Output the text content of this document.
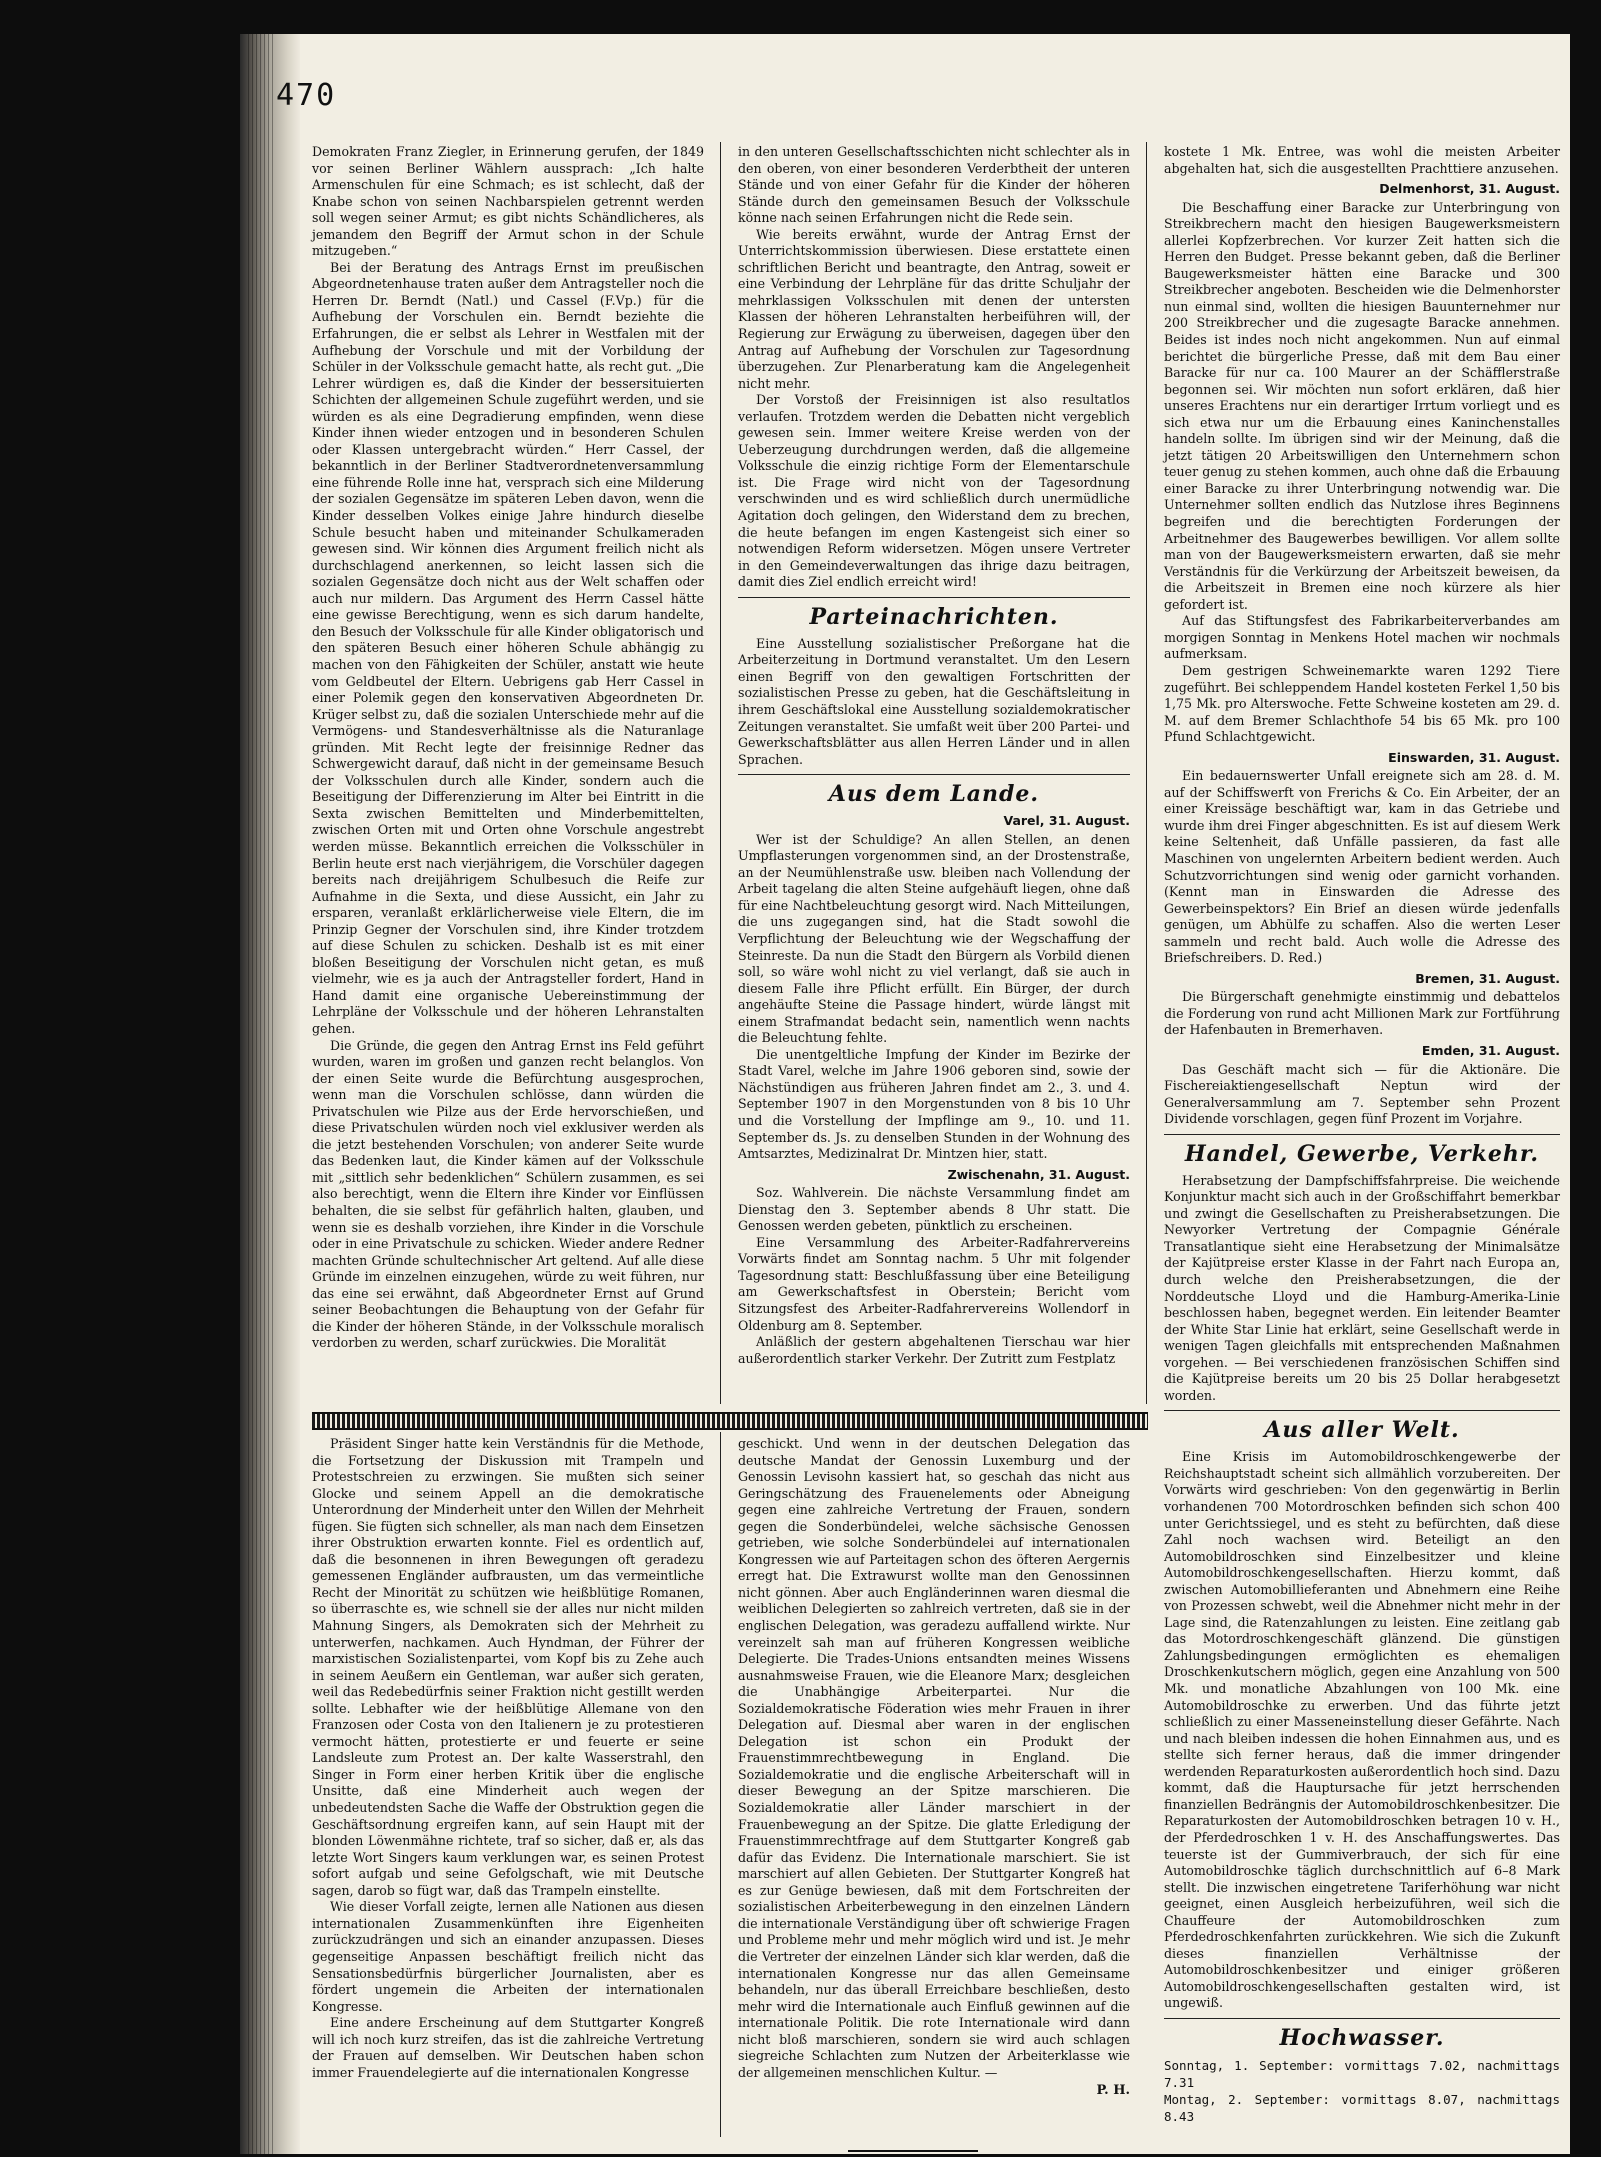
470

Demokraten Franz Ziegler, in Erinnerung gerufen, der 1849 vor seinen Berliner Wählern aussprach: „Ich halte Armenschulen für eine Schmach; es ist schlecht, daß der Knabe schon von seinen Nachbarspielen getrennt werden soll wegen seiner Armut; es gibt nichts Schändlicheres, als jemandem den Begriff der Armut schon in der Schule mitzugeben.“

Bei der Beratung des Antrags Ernst im preußischen Abgeordnetenhause traten außer dem Antragsteller noch die Herren Dr. Berndt (Natl.) und Cassel (F.Vp.) für die Aufhebung der Vorschulen ein. Berndt beziehte die Erfahrungen, die er selbst als Lehrer in Westfalen mit der Aufhebung der Vorschule und mit der Vorbildung der Schüler in der Volksschule gemacht hatte, als recht gut. „Die Lehrer würdigen es, daß die Kinder der bessersituierten Schichten der allgemeinen Schule zugeführt werden, und sie würden es als eine Degradierung empfinden, wenn diese Kinder ihnen wieder entzogen und in besonderen Schulen oder Klassen untergebracht würden.“ Herr Cassel, der bekanntlich in der Berliner Stadtverordnetenversammlung eine führende Rolle inne hat, versprach sich eine Milderung der sozialen Gegensätze im späteren Leben davon, wenn die Kinder desselben Volkes einige Jahre hindurch dieselbe Schule besucht haben und miteinander Schulkameraden gewesen sind. Wir können dies Argument freilich nicht als durchschlagend anerkennen, so leicht lassen sich die sozialen Gegensätze doch nicht aus der Welt schaffen oder auch nur mildern. Das Argument des Herrn Cassel hätte eine gewisse Berechtigung, wenn es sich darum handelte, den Besuch der Volksschule für alle Kinder obligatorisch und den späteren Besuch einer höheren Schule abhängig zu machen von den Fähigkeiten der Schüler, anstatt wie heute vom Geldbeutel der Eltern. Uebrigens gab Herr Cassel in einer Polemik gegen den konservativen Abgeordneten Dr. Krüger selbst zu, daß die sozialen Unterschiede mehr auf die Vermögens- und Standesverhältnisse als die Naturanlage gründen. Mit Recht legte der freisinnige Redner das Schwergewicht darauf, daß nicht in der gemeinsame Besuch der Volksschulen durch alle Kinder, sondern auch die Beseitigung der Differenzierung im Alter bei Eintritt in die Sexta zwischen Bemittelten und Minderbemittelten, zwischen Orten mit und Orten ohne Vorschule angestrebt werden müsse. Bekanntlich erreichen die Volksschüler in Berlin heute erst nach vierjährigem, die Vorschüler dagegen bereits nach dreijährigem Schulbesuch die Reife zur Aufnahme in die Sexta, und diese Aussicht, ein Jahr zu ersparen, veranlaßt erklärlicherweise viele Eltern, die im Prinzip Gegner der Vorschulen sind, ihre Kinder trotzdem auf diese Schulen zu schicken. Deshalb ist es mit einer bloßen Beseitigung der Vorschulen nicht getan, es muß vielmehr, wie es ja auch der Antragsteller fordert, Hand in Hand damit eine organische Uebereinstimmung der Lehrpläne der Volksschule und der höheren Lehranstalten gehen.

Die Gründe, die gegen den Antrag Ernst ins Feld geführt wurden, waren im großen und ganzen recht belanglos. Von der einen Seite wurde die Befürchtung ausgesprochen, wenn man die Vorschulen schlösse, dann würden die Privatschulen wie Pilze aus der Erde hervorschießen, und diese Privatschulen würden noch viel exklusiver werden als die jetzt bestehenden Vorschulen; von anderer Seite wurde das Bedenken laut, die Kinder kämen auf der Volksschule mit „sittlich sehr bedenklichen“ Schülern zusammen, es sei also berechtigt, wenn die Eltern ihre Kinder vor Einflüssen behalten, die sie selbst für gefährlich halten, glauben, und wenn sie es deshalb vorziehen, ihre Kinder in die Vorschule oder in eine Privatschule zu schicken. Wieder andere Redner machten Gründe schultechnischer Art geltend. Auf alle diese Gründe im einzelnen einzugehen, würde zu weit führen, nur das eine sei erwähnt, daß Abgeordneter Ernst auf Grund seiner Beobachtungen die Behauptung von der Gefahr für die Kinder der höheren Stände, in der Volksschule moralisch verdorben zu werden, scharf zurückwies. Die Moralität

in den unteren Gesellschaftsschichten nicht schlechter als in den oberen, von einer besonderen Verderbtheit der unteren Stände und von einer Gefahr für die Kinder der höheren Stände durch den gemeinsamen Besuch der Volksschule könne nach seinen Erfahrungen nicht die Rede sein.

Wie bereits erwähnt, wurde der Antrag Ernst der Unterrichtskommission überwiesen. Diese erstattete einen schriftlichen Bericht und beantragte, den Antrag, soweit er eine Verbindung der Lehrpläne für das dritte Schuljahr der mehrklassigen Volksschulen mit denen der untersten Klassen der höheren Lehranstalten herbeiführen will, der Regierung zur Erwägung zu überweisen, dagegen über den Antrag auf Aufhebung der Vorschulen zur Tagesordnung überzugehen. Zur Plenarberatung kam die Angelegenheit nicht mehr.

Der Vorstoß der Freisinnigen ist also resultatlos verlaufen. Trotzdem werden die Debatten nicht vergeblich gewesen sein. Immer weitere Kreise werden von der Ueberzeugung durchdrungen werden, daß die allgemeine Volksschule die einzig richtige Form der Elementarschule ist. Die Frage wird nicht von der Tagesordnung verschwinden und es wird schließlich durch unermüdliche Agitation doch gelingen, den Widerstand dem zu brechen, die heute befangen im engen Kastengeist sich einer so notwendigen Reform widersetzen. Mögen unsere Vertreter in den Gemeindeverwaltungen das ihrige dazu beitragen, damit dies Ziel endlich erreicht wird!

Parteinachrichten.

Eine Ausstellung sozialistischer Preßorgane hat die Arbeiterzeitung in Dortmund veranstaltet. Um den Lesern einen Begriff von den gewaltigen Fortschritten der sozialistischen Presse zu geben, hat die Geschäftsleitung in ihrem Geschäftslokal eine Ausstellung sozialdemokratischer Zeitungen veranstaltet. Sie umfaßt weit über 200 Partei- und Gewerkschaftsblätter aus allen Herren Länder und in allen Sprachen.

Aus dem Lande.
Varel, 31. August.

Wer ist der Schuldige? An allen Stellen, an denen Umpflasterungen vorgenommen sind, an der Drostenstraße, an der Neumühlenstraße usw. bleiben nach Vollendung der Arbeit tagelang die alten Steine aufgehäuft liegen, ohne daß für eine Nachtbeleuchtung gesorgt wird. Nach Mitteilungen, die uns zugegangen sind, hat die Stadt sowohl die Verpflichtung der Beleuchtung wie der Wegschaffung der Steinreste. Da nun die Stadt den Bürgern als Vorbild dienen soll, so wäre wohl nicht zu viel verlangt, daß sie auch in diesem Falle ihre Pflicht erfüllt. Ein Bürger, der durch angehäufte Steine die Passage hindert, würde längst mit einem Strafmandat bedacht sein, namentlich wenn nachts die Beleuchtung fehlte.

Die unentgeltliche Impfung der Kinder im Bezirke der Stadt Varel, welche im Jahre 1906 geboren sind, sowie der Nächstündigen aus früheren Jahren findet am 2., 3. und 4. September 1907 in den Morgenstunden von 8 bis 10 Uhr und die Vorstellung der Impflinge am 9., 10. und 11. September ds. Js. zu denselben Stunden in der Wohnung des Amtsarztes, Medizinalrat Dr. Mintzen hier, statt.

Zwischenahn, 31. August.

Soz. Wahlverein. Die nächste Versammlung findet am Dienstag den 3. September abends 8 Uhr statt. Die Genossen werden gebeten, pünktlich zu erscheinen.

Eine Versammlung des Arbeiter-Radfahrervereins Vorwärts findet am Sonntag nachm. 5 Uhr mit folgender Tagesordnung statt: Beschlußfassung über eine Beteiligung am Gewerkschaftsfest in Oberstein; Bericht vom Sitzungsfest des Arbeiter-Radfahrervereins Wollendorf in Oldenburg am 8. September.

Anläßlich der gestern abgehaltenen Tierschau war hier außerordentlich starker Verkehr. Der Zutritt zum Festplatz

kostete 1 Mk. Entree, was wohl die meisten Arbeiter abgehalten hat, sich die ausgestellten Prachttiere anzusehen.

Delmenhorst, 31. August.

Die Beschaffung einer Baracke zur Unterbringung von Streikbrechern macht den hiesigen Baugewerksmeistern allerlei Kopfzerbrechen. Vor kurzer Zeit hatten sich die Herren den Budget. Presse bekannt geben, daß die Berliner Baugewerksmeister hätten eine Baracke und 300 Streikbrecher angeboten. Bescheiden wie die Delmenhorster nun einmal sind, wollten die hiesigen Bauunternehmer nur 200 Streikbrecher und die zugesagte Baracke annehmen. Beides ist indes noch nicht angekommen. Nun auf einmal berichtet die bürgerliche Presse, daß mit dem Bau einer Baracke für nur ca. 100 Maurer an der Schäfflerstraße begonnen sei. Wir möchten nun sofort erklären, daß hier unseres Erachtens nur ein derartiger Irrtum vorliegt und es sich etwa nur um die Erbauung eines Kaninchenstalles handeln sollte. Im übrigen sind wir der Meinung, daß die jetzt tätigen 20 Arbeitswilligen den Unternehmern schon teuer genug zu stehen kommen, auch ohne daß die Erbauung einer Baracke zu ihrer Unterbringung notwendig war. Die Unternehmer sollten endlich das Nutzlose ihres Beginnens begreifen und die berechtigten Forderungen der Arbeitnehmer des Baugewerbes bewilligen. Vor allem sollte man von der Baugewerksmeistern erwarten, daß sie mehr Verständnis für die Verkürzung der Arbeitszeit beweisen, da die Arbeitszeit in Bremen eine noch kürzere als hier gefordert ist.

Auf das Stiftungsfest des Fabrikarbeiterverbandes am morgigen Sonntag in Menkens Hotel machen wir nochmals aufmerksam.

Dem gestrigen Schweinemarkte waren 1292 Tiere zugeführt. Bei schleppendem Handel kosteten Ferkel 1,50 bis 1,75 Mk. pro Alterswoche. Fette Schweine kosteten am 29. d. M. auf dem Bremer Schlachthofe 54 bis 65 Mk. pro 100 Pfund Schlachtgewicht.

Einswarden, 31. August.

Ein bedauernswerter Unfall ereignete sich am 28. d. M. auf der Schiffswerft von Frerichs & Co. Ein Arbeiter, der an einer Kreissäge beschäftigt war, kam in das Getriebe und wurde ihm drei Finger abgeschnitten. Es ist auf diesem Werk keine Seltenheit, daß Unfälle passieren, da fast alle Maschinen von ungelernten Arbeitern bedient werden. Auch Schutzvorrichtungen sind wenig oder garnicht vorhanden. (Kennt man in Einswarden die Adresse des Gewerbeinspektors? Ein Brief an diesen würde jedenfalls genügen, um Abhülfe zu schaffen. Also die werten Leser sammeln und recht bald. Auch wolle die Adresse des Briefschreibers. D. Red.)

Bremen, 31. August.

Die Bürgerschaft genehmigte einstimmig und debattelos die Forderung von rund acht Millionen Mark zur Fortführung der Hafenbauten in Bremerhaven.

Emden, 31. August.

Das Geschäft macht sich — für die Aktionäre. Die Fischereiaktiengesellschaft Neptun wird der Generalversammlung am 7. September sehn Prozent Dividende vorschlagen, gegen fünf Prozent im Vorjahre.

Handel, Gewerbe, Verkehr.

Herabsetzung der Dampfschiffsfahrpreise. Die weichende Konjunktur macht sich auch in der Großschiffahrt bemerkbar und zwingt die Gesellschaften zu Preisherabsetzungen. Die Newyorker Vertretung der Compagnie Générale Transatlantique sieht eine Herabsetzung der Minimalsätze der Kajütpreise erster Klasse in der Fahrt nach Europa an, durch welche den Preisherabsetzungen, die der Norddeutsche Lloyd und die Hamburg-Amerika-Linie beschlossen haben, begegnet werden. Ein leitender Beamter der White Star Linie hat erklärt, seine Gesellschaft werde in wenigen Tagen gleichfalls mit entsprechenden Maßnahmen vorgehen. — Bei verschiedenen französischen Schiffen sind die Kajütpreise bereits um 20 bis 25 Dollar herabgesetzt worden.

Aus aller Welt.

Eine Krisis im Automobildroschkengewerbe der Reichshauptstadt scheint sich allmählich vorzubereiten. Der Vorwärts wird geschrieben: Von den gegenwärtig in Berlin vorhandenen 700 Motordroschken befinden sich schon 400 unter Gerichtssiegel, und es steht zu befürchten, daß diese Zahl noch wachsen wird. Beteiligt an den Automobildroschken sind Einzelbesitzer und kleine Automobildroschkengesellschaften. Hierzu kommt, daß zwischen Automobillieferanten und Abnehmern eine Reihe von Prozessen schwebt, weil die Abnehmer nicht mehr in der Lage sind, die Ratenzahlungen zu leisten. Eine zeitlang gab das Motordroschkengeschäft glänzend. Die günstigen Zahlungsbedingungen ermöglichten es ehemaligen Droschkenkutschern möglich, gegen eine Anzahlung von 500 Mk. und monatliche Abzahlungen von 100 Mk. eine Automobildroschke zu erwerben. Und das führte jetzt schließlich zu einer Masseneinstellung dieser Gefährte. Nach und nach bleiben indessen die hohen Einnahmen aus, und es stellte sich ferner heraus, daß die immer dringender werdenden Reparaturkosten außerordentlich hoch sind. Dazu kommt, daß die Hauptursache für jetzt herrschenden finanziellen Bedrängnis der Automobildroschkenbesitzer. Die Reparaturkosten der Automobildroschken betragen 10 v. H., der Pferdedroschken 1 v. H. des Anschaffungswertes. Das teuerste ist der Gummiverbrauch, der sich für eine Automobildroschke täglich durchschnittlich auf 6–8 Mark stellt. Die inzwischen eingetretene Tariferhöhung war nicht geeignet, einen Ausgleich herbeizuführen, weil sich die Chauffeure der Automobildroschken zum Pferdedroschkenfahrten zurückkehren. Wie sich die Zukunft dieses finanziellen Verhältnisse der Automobildroschkenbesitzer und einiger größeren Automobildroschkengesellschaften gestalten wird, ist ungewiß.

Hochwasser.
Sonntag, 1. September: vormittags 7.02, nachmittags 7.31
Montag, 2. September: vormittags 8.07, nachmittags 8.43

Präsident Singer hatte kein Verständnis für die Methode, die Fortsetzung der Diskussion mit Trampeln und Protestschreien zu erzwingen. Sie mußten sich seiner Glocke und seinem Appell an die demokratische Unterordnung der Minderheit unter den Willen der Mehrheit fügen. Sie fügten sich schneller, als man nach dem Einsetzen ihrer Obstruktion erwarten konnte. Fiel es ordentlich auf, daß die besonnenen in ihren Bewegungen oft geradezu gemessenen Engländer aufbrausten, um das vermeintliche Recht der Minorität zu schützen wie heißblütige Romanen, so überraschte es, wie schnell sie der alles nur nicht milden Mahnung Singers, als Demokraten sich der Mehrheit zu unterwerfen, nachkamen. Auch Hyndman, der Führer der marxistischen Sozialistenpartei, vom Kopf bis zu Zehe auch in seinem Aeußern ein Gentleman, war außer sich geraten, weil das Redebedürfnis seiner Fraktion nicht gestillt werden sollte. Lebhafter wie der heißblütige Allemane von den Franzosen oder Costa von den Italienern je zu protestieren vermocht hätten, protestierte er und feuerte er seine Landsleute zum Protest an. Der kalte Wasserstrahl, den Singer in Form einer herben Kritik über die englische Unsitte, daß eine Minderheit auch wegen der unbedeutendsten Sache die Waffe der Obstruktion gegen die Geschäftsordnung ergreifen kann, auf sein Haupt mit der blonden Löwenmähne richtete, traf so sicher, daß er, als das letzte Wort Singers kaum verklungen war, es seinen Protest sofort aufgab und seine Gefolgschaft, wie mit Deutsche sagen, darob so fügt war, daß das Trampeln einstellte.

Wie dieser Vorfall zeigte, lernen alle Nationen aus diesen internationalen Zusammenkünften ihre Eigenheiten zurückzudrängen und sich an einander anzupassen. Dieses gegenseitige Anpassen beschäftigt freilich nicht das Sensationsbedürfnis bürgerlicher Journalisten, aber es fördert ungemein die Arbeiten der internationalen Kongresse.

Eine andere Erscheinung auf dem Stuttgarter Kongreß will ich noch kurz streifen, das ist die zahlreiche Vertretung der Frauen auf demselben. Wir Deutschen haben schon immer Frauendelegierte auf die internationalen Kongresse

geschickt. Und wenn in der deutschen Delegation das deutsche Mandat der Genossin Luxemburg und der Genossin Levisohn kassiert hat, so geschah das nicht aus Geringschätzung des Frauenelements oder Abneigung gegen eine zahlreiche Vertretung der Frauen, sondern gegen die Sonderbündelei, welche sächsische Genossen getrieben, wie solche Sonderbündelei auf internationalen Kongressen wie auf Parteitagen schon des öfteren Aergernis erregt hat. Die Extrawurst wollte man den Genossinnen nicht gönnen. Aber auch Engländerinnen waren diesmal die weiblichen Delegierten so zahlreich vertreten, daß sie in der englischen Delegation, was geradezu auffallend wirkte. Nur vereinzelt sah man auf früheren Kongressen weibliche Delegierte. Die Trades-Unions entsandten meines Wissens ausnahmsweise Frauen, wie die Eleanore Marx; desgleichen die Unabhängige Arbeiterpartei. Nur die Sozialdemokratische Föderation wies mehr Frauen in ihrer Delegation auf. Diesmal aber waren in der englischen Delegation ist schon ein Produkt der Frauenstimmrechtbewegung in England. Die Sozialdemokratie und die englische Arbeiterschaft will in dieser Bewegung an der Spitze marschieren. Die Sozialdemokratie aller Länder marschiert in der Frauenbewegung an der Spitze. Die glatte Erledigung der Frauenstimmrechtfrage auf dem Stuttgarter Kongreß gab dafür das Evidenz. Die Internationale marschiert. Sie ist marschiert auf allen Gebieten. Der Stuttgarter Kongreß hat es zur Genüge bewiesen, daß mit dem Fortschreiten der sozialistischen Arbeiterbewegung in den einzelnen Ländern die internationale Verständigung über oft schwierige Fragen und Probleme mehr und mehr möglich wird und ist. Je mehr die Vertreter der einzelnen Länder sich klar werden, daß die internationalen Kongresse nur das allen Gemeinsame behandeln, nur das überall Erreichbare beschließen, desto mehr wird die Internationale auch Einfluß gewinnen auf die internationale Politik. Die rote Internationale wird dann nicht bloß marschieren, sondern sie wird auch schlagen siegreiche Schlachten zum Nutzen der Arbeiterklasse wie der allgemeinen menschlichen Kultur. —

P. H.
